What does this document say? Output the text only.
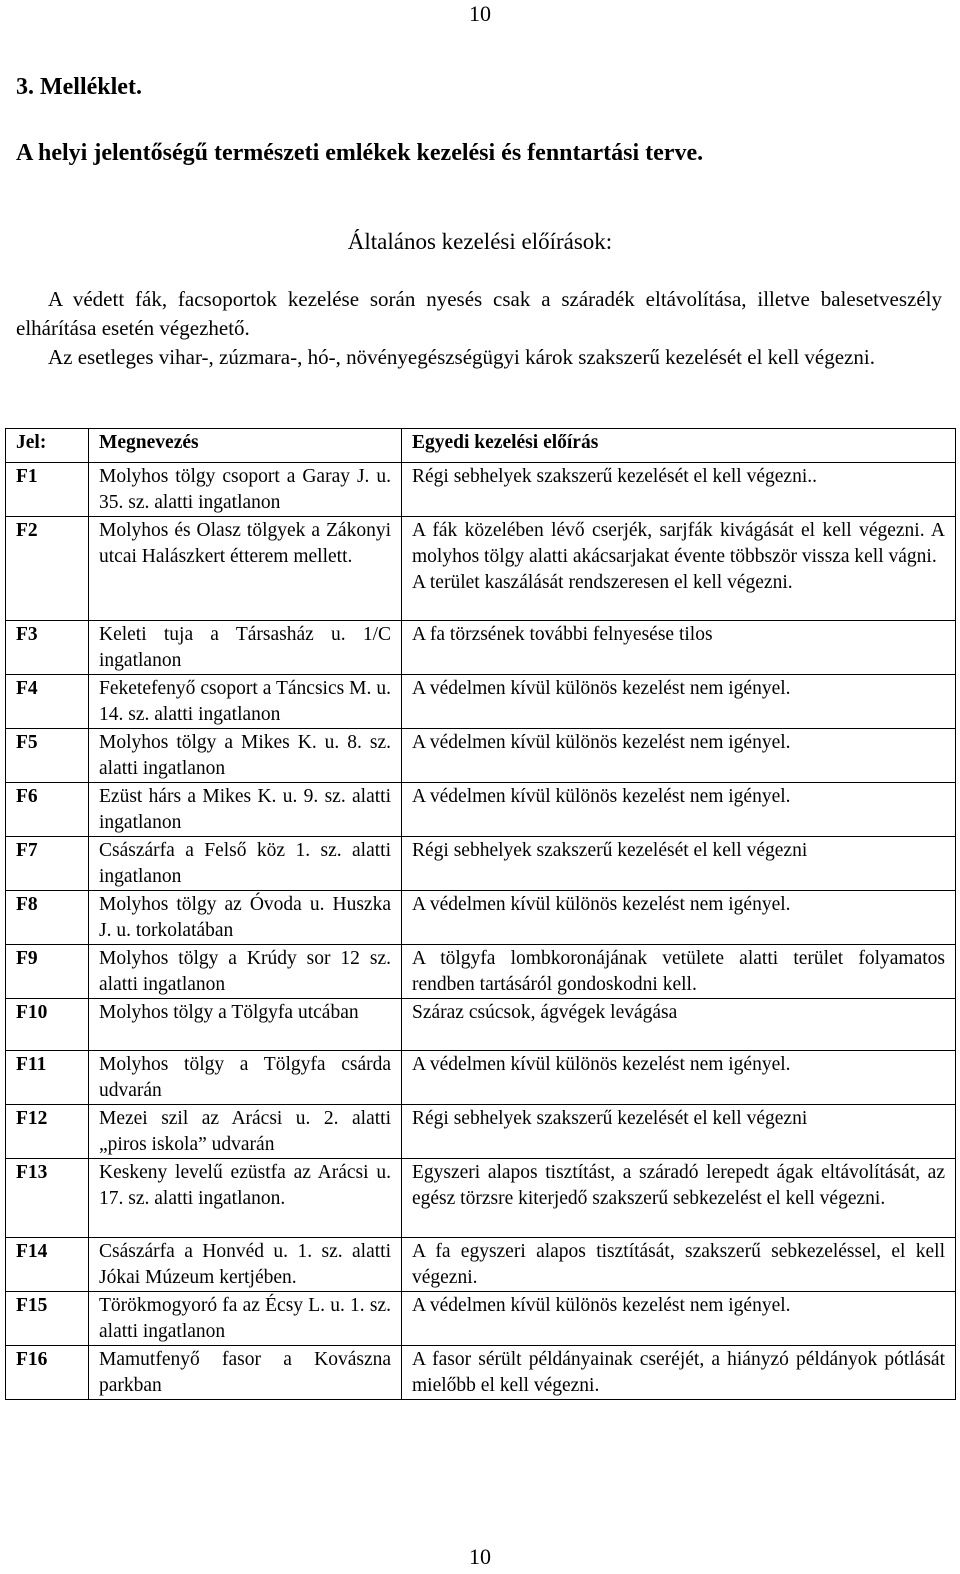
10
3. Melléklet.
A helyi jelentőségű természeti emlékek kezelési és fenntartási terve.
Általános kezelési előírások:
A védett fák, facsoportok kezelése során nyesés csak a száradék eltávolítása, illetve balesetveszély elhárítása esetén végezhető.
Az esetleges vihar-, zúzmara-, hó-, növényegészségügyi károk szakszerű kezelését el kell végezni.
Jel:	Megnevezés	Egyedi kezelési előírás
F1	Molyhos tölgy csoport a Garay J. u. 35. sz. alatti ingatlanon	Régi sebhelyek szakszerű kezelését el kell végezni..
F2	Molyhos és Olasz tölgyek a Zákonyi utcai Halászkert étterem mellett.	A fák közelében lévő cserjék, sarjfák kivágását el kell végezni. A molyhos tölgy alatti akácsarjakat évente többször vissza kell vágni.
A terület kaszálását rendszeresen el kell végezni.

F3	Keleti tuja a Társasház u. 1/C ingatlanon	A fa törzsének további felnyesése tilos
F4	Feketefenyő csoport a Táncsics M. u. 14. sz. alatti ingatlanon	A védelmen kívül különös kezelést nem igényel.
F5	Molyhos tölgy a Mikes K. u. 8. sz. alatti ingatlanon	A védelmen kívül különös kezelést nem igényel.
F6	Ezüst hárs a Mikes K. u. 9. sz. alatti ingatlanon	A védelmen kívül különös kezelést nem igényel.
F7	Császárfa a Felső köz 1. sz. alatti ingatlanon	Régi sebhelyek szakszerű kezelését el kell végezni
F8	Molyhos tölgy az Óvoda u. Huszka J. u. torkolatában	A védelmen kívül különös kezelést nem igényel.
F9	Molyhos tölgy a Krúdy sor 12 sz. alatti ingatlanon	A tölgyfa lombkoronájának vetülete alatti terület folyamatos rendben tartásáról gondoskodni kell.
F10	Molyhos tölgy a Tölgyfa utcában	Száraz csúcsok, ágvégek levágása
F11	Molyhos tölgy a Tölgyfa csárda udvarán	A védelmen kívül különös kezelést nem igényel.
F12	Mezei szil az Arácsi u. 2. alatti „piros iskola” udvarán	Régi sebhelyek szakszerű kezelését el kell végezni
F13	Keskeny levelű ezüstfa az Arácsi u. 17. sz. alatti ingatlanon.	Egyszeri alapos tisztítást, a száradó lerepedt ágak eltávolítását, az egész törzsre kiterjedő szakszerű sebkezelést el kell végezni.
F14	Császárfa a Honvéd u. 1. sz. alatti Jókai Múzeum kertjében.	A fa egyszeri alapos tisztítását, szakszerű sebkezeléssel, el kell végezni.
F15	Törökmogyoró fa az Écsy L. u. 1. sz. alatti ingatlanon	A védelmen kívül különös kezelést nem igényel.
F16	Mamutfenyő fasor a Kovászna parkban	A fasor sérült példányainak cseréjét, a hiányzó példányok pótlását mielőbb el kell végezni.
10
